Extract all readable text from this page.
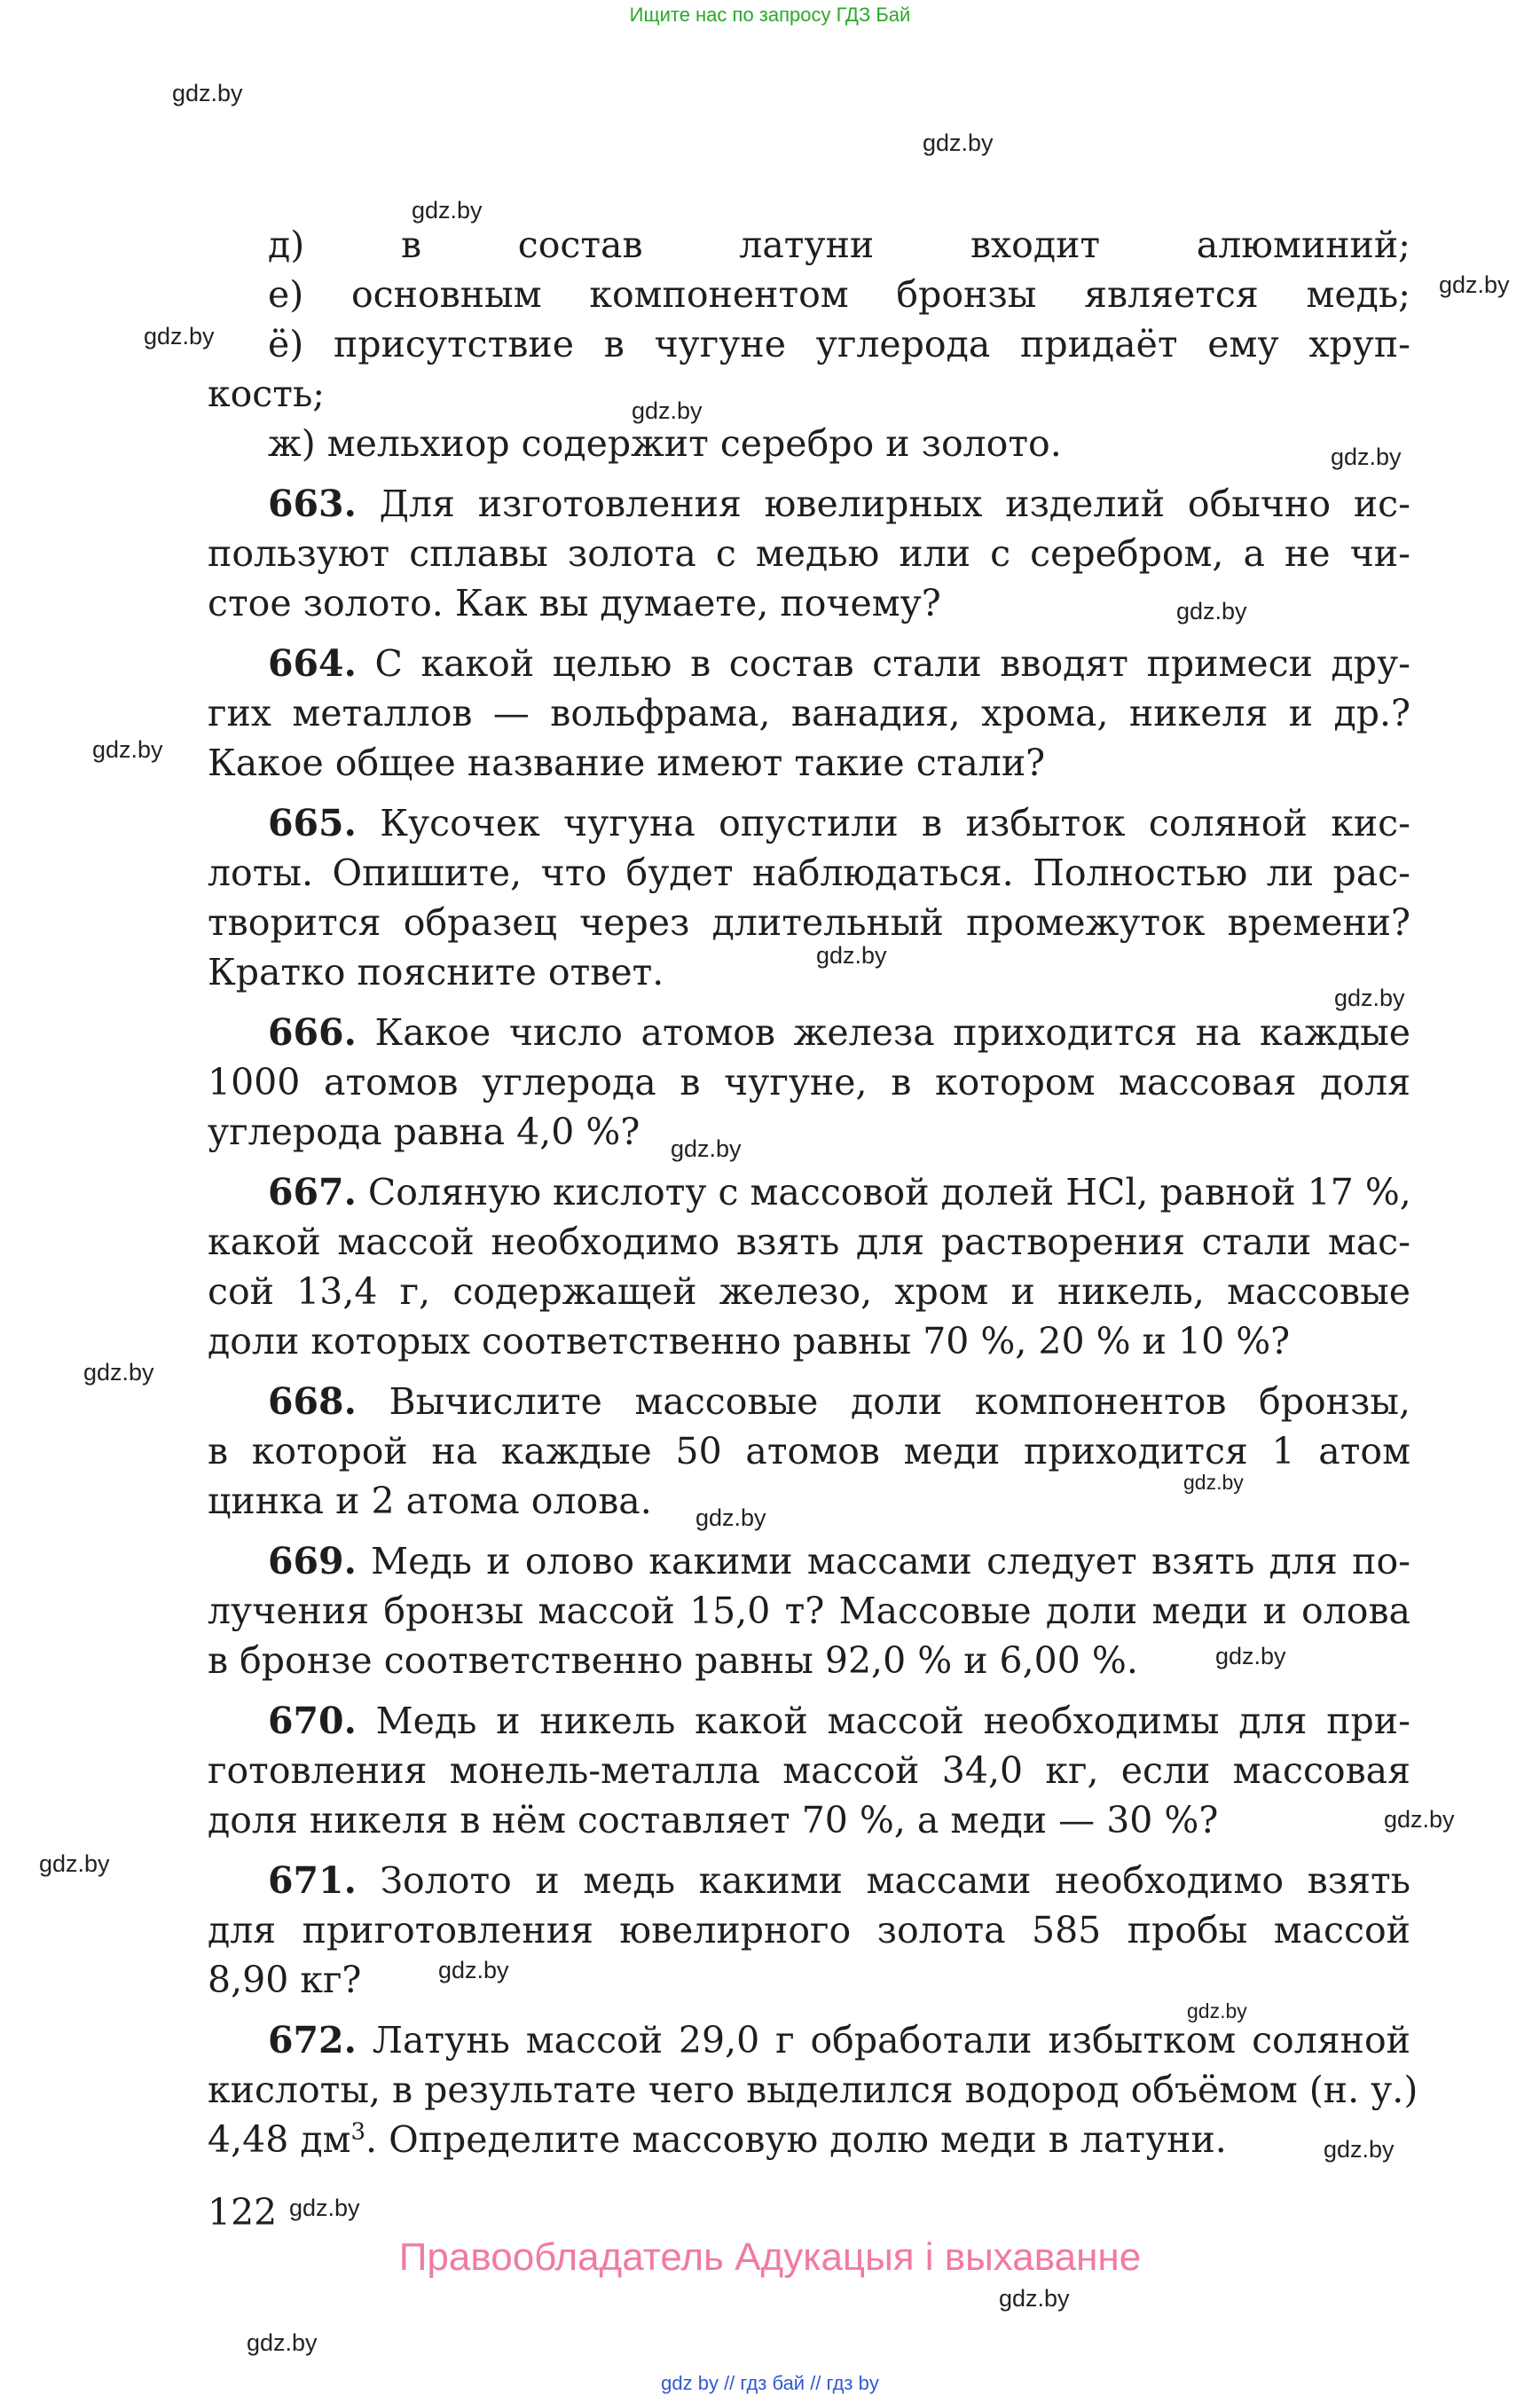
Ищите нас по запросу ГДЗ Бай
д) в состав латуни входит алюминий;
е) основным компонентом бронзы является медь;
ё) присутствие в чугуне углерода придаёт ему хруп-
кость;
ж) мельхиор содержит серебро и золото.
663. Для изготовления ювелирных изделий обычно ис-
пользуют сплавы золота с медью или с серебром, а не чи-
стое золото. Как вы думаете, почему?
664. С какой целью в состав стали вводят примеси дру-
гих металлов — вольфрама, ванадия, хрома, никеля и др.?
Какое общее название имеют такие стали?
665. Кусочек чугуна опустили в избыток соляной кис-
лоты. Опишите, что будет наблюдаться. Полностью ли рас-
творится образец через длительный промежуток времени?
Кратко поясните ответ.
666. Какое число атомов железа приходится на каждые
1000 атомов углерода в чугуне, в котором массовая доля
углерода равна 4,0 %?
667. Соляную кислоту с массовой долей HCl, равной 17 %,
какой массой необходимо взять для растворения стали мас-
сой 13,4 г, содержащей железо, хром и никель, массовые
доли которых соответственно равны 70 %, 20 % и 10 %?
668. Вычислите массовые доли компонентов бронзы,
в которой на каждые 50 атомов меди приходится 1 атом
цинка и 2 атома олова.
669. Медь и олово какими массами следует взять для по-
лучения бронзы массой 15,0 т? Массовые доли меди и олова
в бронзе соответственно равны 92,0 % и 6,00 %.
670. Медь и никель какой массой необходимы для при-
готовления монель-металла массой 34,0 кг, если массовая
доля никеля в нём составляет 70 %, а меди — 30 %?
671. Золото и медь какими массами необходимо взять
для приготовления ювелирного золота 585 пробы массой
8,90 кг?
672. Латунь массой 29,0 г обработали избытком соляной
кислоты, в результате чего выделился водород объёмом (н. у.)
4,48 $дм^3$. Определите массовую долю меди в латуни.
122
gdz.by
gdz.by
gdz.by
gdz.by
gdz.by
gdz.by
gdz.by
gdz.by
gdz.by
gdz.by
gdz.by
gdz.by
gdz.by
gdz.by
gdz.by
gdz.by
gdz.by
gdz.by
gdz.by
gdz.by
gdz.by
gdz.by
gdz.by
gdz.by
Правообладатель Адукацыя і выхаванне
gdz by // гдз бай // гдз by
